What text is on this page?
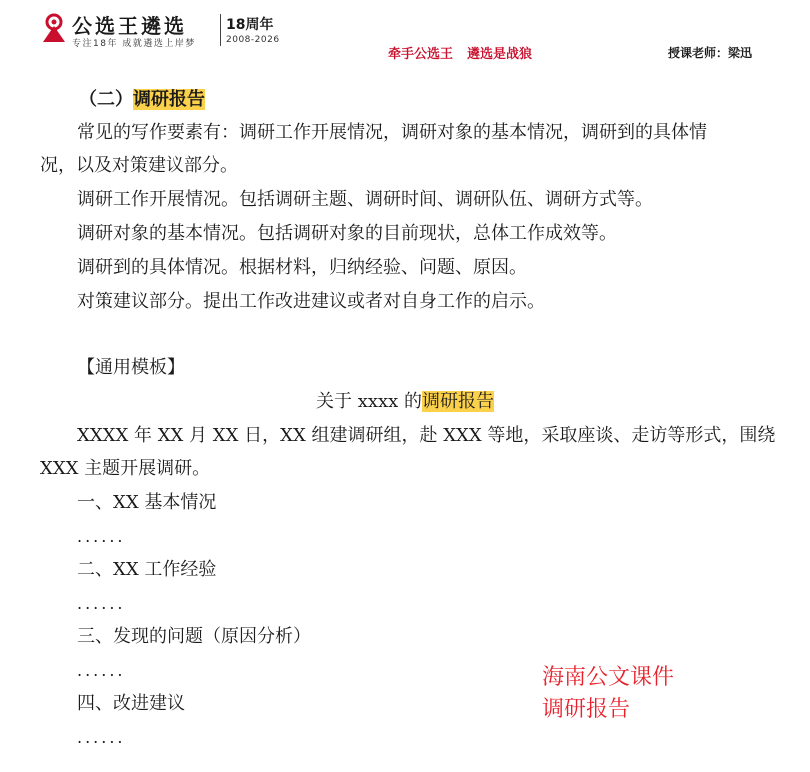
公选王遴选
专注18年 成就遴选上岸梦
18周年
2008-2026
牵手公选王 遴选是战狼	授课老师：梁迅
（二）调研报告
常见的写作要素有：调研工作开展情况，调研对象的基本情况，调研到的具体情
况，以及对策建议部分。
调研工作开展情况。包括调研主题、调研时间、调研队伍、调研方式等。
调研对象的基本情况。包括调研对象的目前现状，总体工作成效等。
调研到的具体情况。根据材料，归纳经验、问题、原因。
对策建议部分。提出工作改进建议或者对自身工作的启示。
【通用模板】
关于 xxxx 的调研报告
XXXX 年 XX 月 XX 日，XX 组建调研组，赴 XXX 等地，采取座谈、走访等形式，围绕
XXX 主题开展调研。
一、XX 基本情况
......
二、XX 工作经验
......
三、发现的问题（原因分析）
......
四、改进建议
......
海南公文课件
调研报告
